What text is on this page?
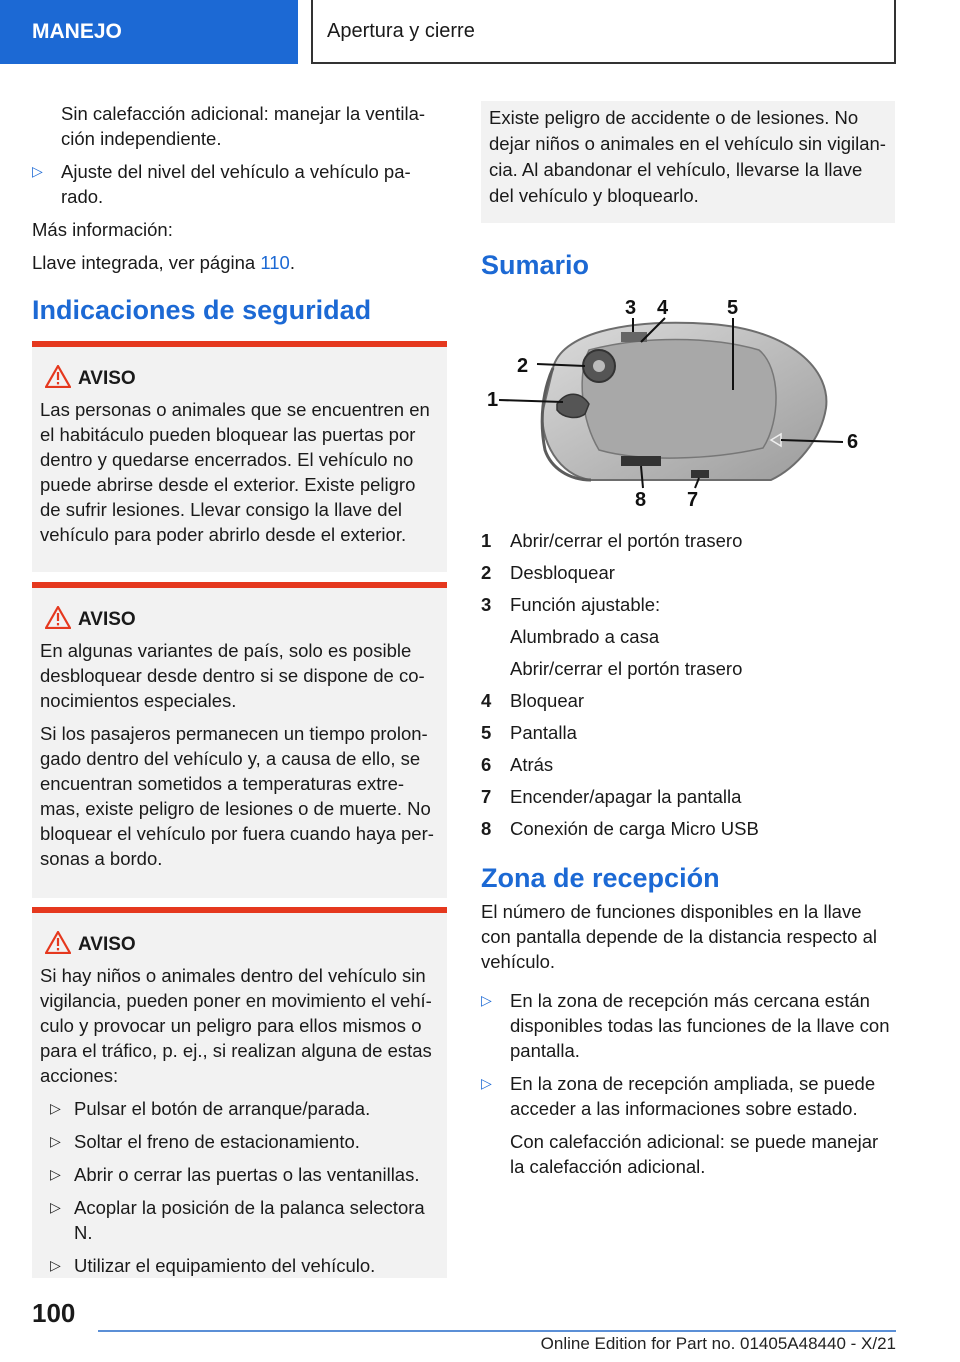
MANEJO	Apertura y cierre

Sin calefacción adicional: manejar la ventila-ción independiente.

▷ Ajuste del nivel del vehículo a vehículo pa-rado.

Más información:

Llave integrada, ver página 110.

Indicaciones de seguridad
AVISO

Las personas o animales que se encuentren en el habitáculo pueden bloquear las puertas por dentro y quedarse encerrados. El vehículo no puede abrirse desde el exterior. Existe peligro de sufrir lesiones. Llevar consigo la llave del vehículo para poder abrirlo desde el exterior.

AVISO

En algunas variantes de país, solo es posible desbloquear desde dentro si se dispone de co-nocimientos especiales.

Si los pasajeros permanecen un tiempo prolon-gado dentro del vehículo y, a causa de ello, se encuentran sometidos a temperaturas extre-mas, existe peligro de lesiones o de muerte. No bloquear el vehículo por fuera cuando haya per-sonas a bordo.

AVISO

Si hay niños o animales dentro del vehículo sin vigilancia, pueden poner en movimiento el vehí-culo y provocar un peligro para ellos mismos o para el tráfico, p. ej., si realizan alguna de estas acciones:

▷ Pulsar el botón de arranque/parada.
▷ Soltar el freno de estacionamiento.
▷ Abrir o cerrar las puertas o las ventanillas.
▷ Acoplar la posición de la palanca selectora N.
▷ Utilizar el equipamiento del vehículo.
Existe peligro de accidente o de lesiones. No dejar niños o animales en el vehículo sin vigilan-cia. Al abandonar el vehículo, llevarse la llave del vehículo y bloquearlo.
Sumario
1
2
3 4	5
6
7
8
1 Abrir/cerrar el portón trasero
2 Desbloquear
3 Función ajustable:
Alumbrado a casa
Abrir/cerrar el portón trasero
4 Bloquear
5 Pantalla
6 Atrás
7 Encender/apagar la pantalla
8 Conexión de carga Micro USB
Zona de recepción

El número de funciones disponibles en la llave con pantalla depende de la distancia respecto al vehículo.

▷ En la zona de recepción más cercana están disponibles todas las funciones de la llave con pantalla.
▷ En la zona de recepción ampliada, se puede acceder a las informaciones sobre estado.

Con calefacción adicional: se puede manejar la calefacción adicional.

100
Online Edition for Part no. 01405A48440 - X/21
